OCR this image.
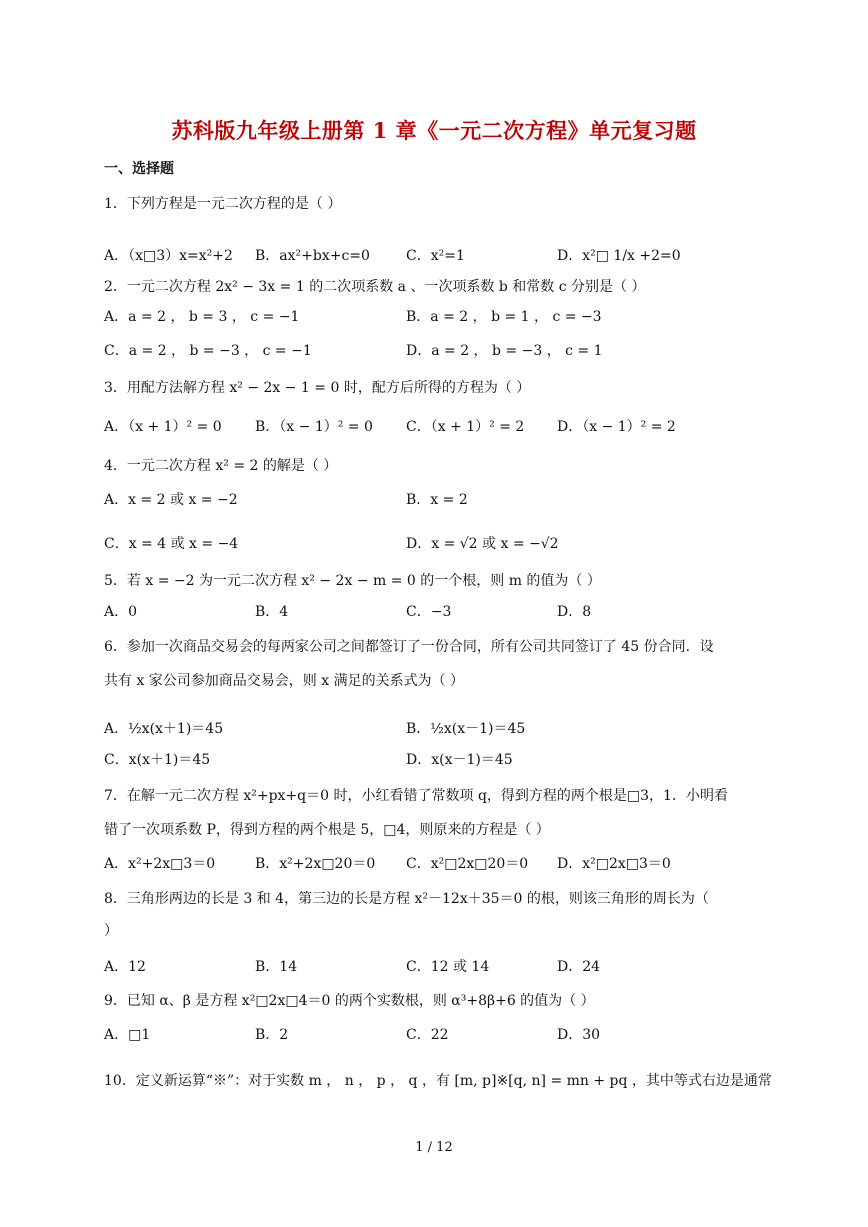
苏科版九年级上册第 1 章《一元二次方程》单元复习题
一、选择题
1．下列方程是一元二次方程的是（ ）
A．（x□3）x=x²+2 B．ax²+bx+c=0	C．x²=1	D．x²□ 1/x +2=0
2．一元二次方程 2x² − 3x = 1 的二次项系数 a 、一次项系数 b 和常数 c 分别是（ ）
A．a = 2 ， b = 3 ， c = −1	B．a = 2 ， b = 1 ， c = −3
C．a = 2 ， b = −3 ， c = −1	D．a = 2 ， b = −3 ， c = 1
3．用配方法解方程 x² − 2x − 1 = 0 时，配方后所得的方程为（ ）
A．（x + 1）² = 0 B．（x − 1）² = 0 C．（x + 1）² = 2 D．（x − 1）² = 2
4．一元二次方程 x² = 2 的解是（ ）
A．x = 2 或 x = −2	B．x = 2
C．x = 4 或 x = −4	D．x = √2 或 x = −√2
5．若 x = −2 为一元二次方程 x² − 2x − m = 0 的一个根，则 m 的值为（ ）
A．0	B．4	C．−3	D．8
6．参加一次商品交易会的每两家公司之间都签订了一份合同，所有公司共同签订了 45 份合同．设
共有 x 家公司参加商品交易会，则 x 满足的关系式为（ ）
A．½x(x＋1)＝45	B．½x(x－1)＝45
C．x(x＋1)＝45	D．x(x－1)＝45
7．在解一元二次方程 x²+px+q＝0 时，小红看错了常数项 q，得到方程的两个根是□3，1．小明看
错了一次项系数 P，得到方程的两个根是 5，□4，则原来的方程是（ ）
A．x²+2x□3＝0	B．x²+2x□20＝0 C．x²□2x□20＝0 D．x²□2x□3＝0
8．三角形两边的长是 3 和 4，第三边的长是方程 x²－12x＋35＝0 的根，则该三角形的周长为（
）
A．12	B．14	C．12 或 14	D．24
9．已知 α、β 是方程 x²□2x□4＝0 的两个实数根，则 α³+8β+6 的值为（ ）
A．□1	B．2	C．22	D．30
10．定义新运算“※”：对于实数 m ， n ， p ， q ，有 [m, p]※[q, n] = mn + pq ，其中等式右边是通常
1 / 12
